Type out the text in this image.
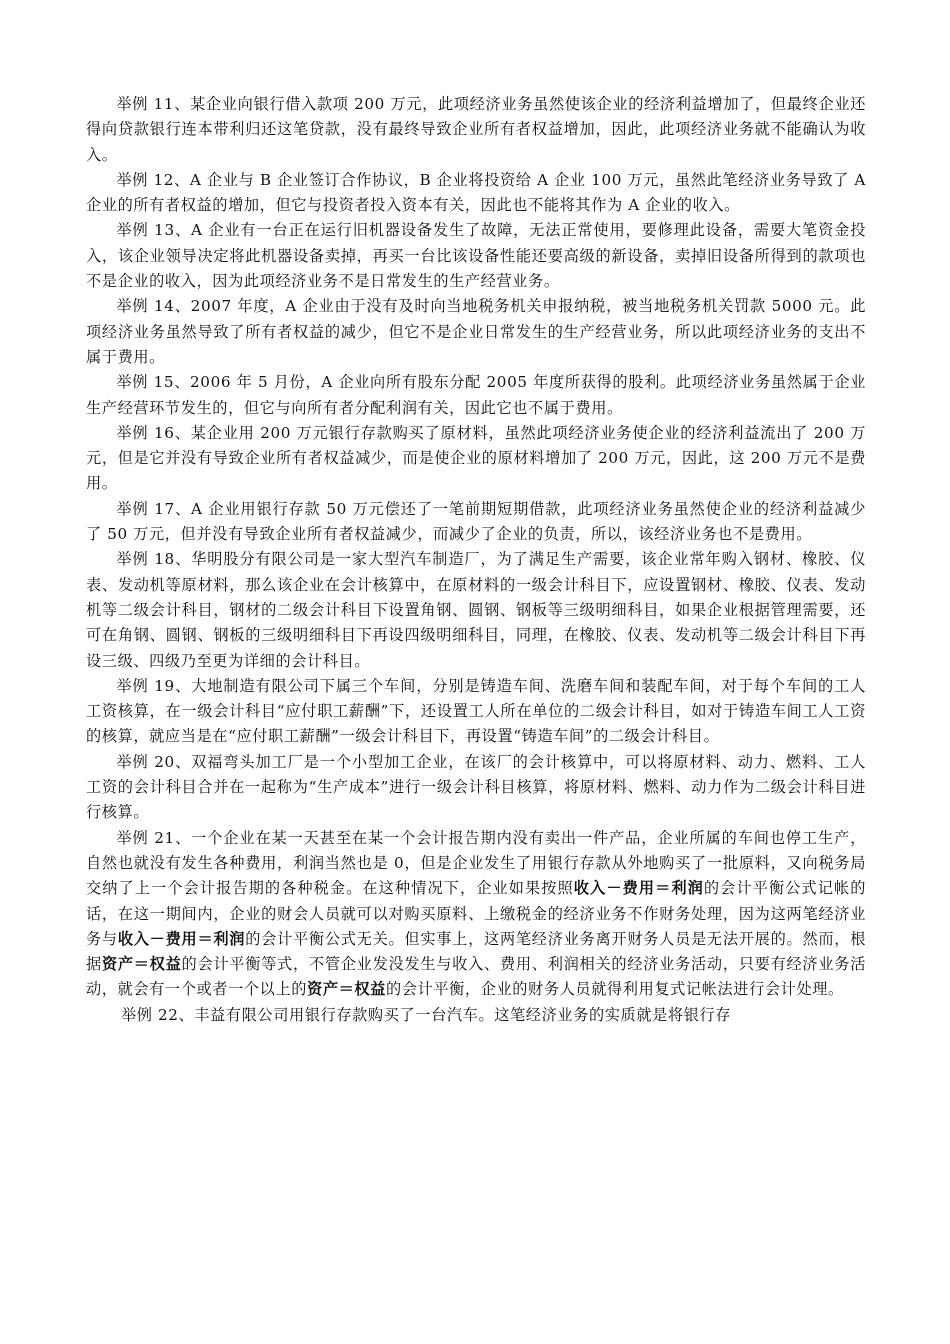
举例 11、某企业向银行借入款项 200 万元，此项经济业务虽然使该企业的经济利益增加了，但最终企业还得向贷款银行连本带利归还这笔贷款，没有最终导致企业所有者权益增加，因此，此项经济业务就不能确认为收入。

举例 12、A 企业与 B 企业签订合作协议，B 企业将投资给 A 企业 100 万元，虽然此笔经济业务导致了 A 企业的所有者权益的增加，但它与投资者投入资本有关，因此也不能将其作为 A 企业的收入。

举例 13、A 企业有一台正在运行旧机器设备发生了故障，无法正常使用，要修理此设备，需要大笔资金投入，该企业领导决定将此机器设备卖掉，再买一台比该设备性能还要高级的新设备，卖掉旧设备所得到的款项也不是企业的收入，因为此项经济业务不是日常发生的生产经营业务。

举例 14、2007 年度，A 企业由于没有及时向当地税务机关申报纳税，被当地税务机关罚款 5000 元。此项经济业务虽然导致了所有者权益的减少，但它不是企业日常发生的生产经营业务，所以此项经济业务的支出不属于费用。

举例 15、2006 年 5 月份，A 企业向所有股东分配 2005 年度所获得的股利。此项经济业务虽然属于企业生产经营环节发生的，但它与向所有者分配利润有关，因此它也不属于费用。

举例 16、某企业用 200 万元银行存款购买了原材料，虽然此项经济业务使企业的经济利益流出了 200 万元，但是它并没有导致企业所有者权益减少，而是使企业的原材料增加了 200 万元，因此，这 200 万元不是费用。

举例 17、A 企业用银行存款 50 万元偿还了一笔前期短期借款，此项经济业务虽然使企业的经济利益减少了 50 万元，但并没有导致企业所有者权益减少，而减少了企业的负责，所以，该经济业务也不是费用。

举例 18、华明股分有限公司是一家大型汽车制造厂，为了满足生产需要，该企业常年购入钢材、橡胶、仪表、发动机等原材料，那么该企业在会计核算中，在原材料的一级会计科目下，应设置钢材、橡胶、仪表、发动机等二级会计科目，钢材的二级会计科目下设置角钢、圆钢、钢板等三级明细科目，如果企业根据管理需要，还可在角钢、圆钢、钢板的三级明细科目下再设四级明细科目，同理，在橡胶、仪表、发动机等二级会计科目下再设三级、四级乃至更为详细的会计科目。

举例 19、大地制造有限公司下属三个车间，分别是铸造车间、洗磨车间和装配车间，对于每个车间的工人工资核算，在一级会计科目“应付职工薪酬”下，还设置工人所在单位的二级会计科目，如对于铸造车间工人工资的核算，就应当是在“应付职工薪酬”一级会计科目下，再设置“铸造车间”的二级会计科目。

举例 20、双福弯头加工厂是一个小型加工企业，在该厂的会计核算中，可以将原材料、动力、燃料、工人工资的会计科目合并在一起称为“生产成本”进行一级会计科目核算，将原材料、燃料、动力作为二级会计科目进行核算。

举例 21、一个企业在某一天甚至在某一个会计报告期内没有卖出一件产品，企业所属的车间也停工生产，自然也就没有发生各种费用，利润当然也是 0，但是企业发生了用银行存款从外地购买了一批原料，又向税务局交纳了上一个会计报告期的各种税金。在这种情况下，企业如果按照收入－费用＝利润的会计平衡公式记帐的话，在这一期间内，企业的财会人员就可以对购买原料、上缴税金的经济业务不作财务处理，因为这两笔经济业务与收入－费用＝利润的会计平衡公式无关。但实事上，这两笔经济业务离开财务人员是无法开展的。然而，根据资产＝权益的会计平衡等式，不管企业发没发生与收入、费用、利润相关的经济业务活动，只要有经济业务活动，就会有一个或者一个以上的资产＝权益的会计平衡，企业的财务人员就得利用复式记帐法进行会计处理。

举例 22、丰益有限公司用银行存款购买了一台汽车。这笔经济业务的实质就是将银行存
